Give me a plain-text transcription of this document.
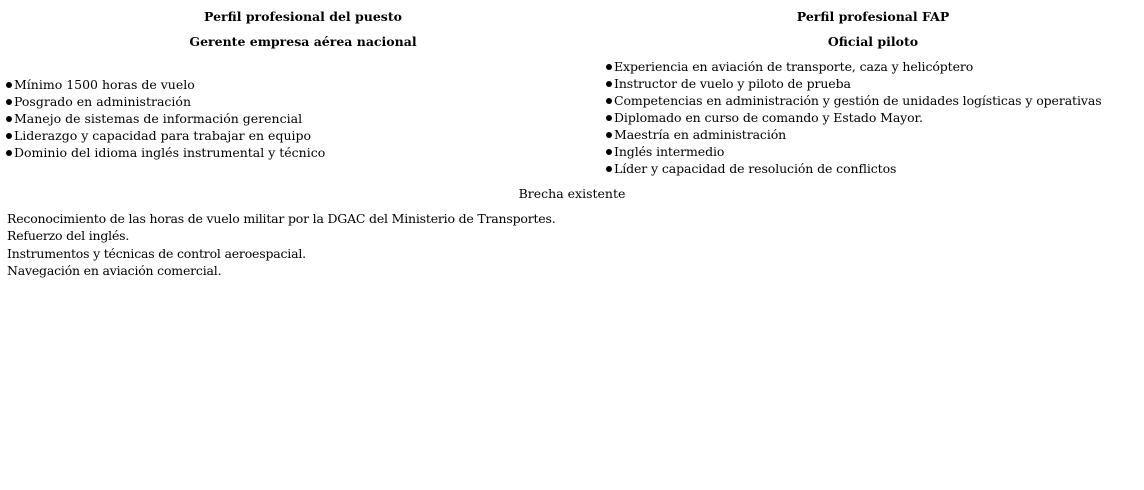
Perfil profesional del puesto
Gerente empresa aérea nacional
Mínimo 1500 horas de vuelo
Posgrado en administración
Manejo de sistemas de información gerencial
Liderazgo y capacidad para trabajar en equipo
Dominio del idioma inglés instrumental y técnico
Perfil profesional FAP
Oficial piloto
Experiencia en aviación de transporte, caza y helicóptero
Instructor de vuelo y piloto de prueba
Competencias en administración y gestión de unidades logísticas y operativas
Diplomado en curso de comando y Estado Mayor.
Maestría en administración
Inglés intermedio
Líder y capacidad de resolución de conflictos
Brecha existente
Reconocimiento de las horas de vuelo militar por la DGAC del Ministerio de Transportes.
Refuerzo del inglés.
Instrumentos y técnicas de control aeroespacial.
Navegación en aviación comercial.
